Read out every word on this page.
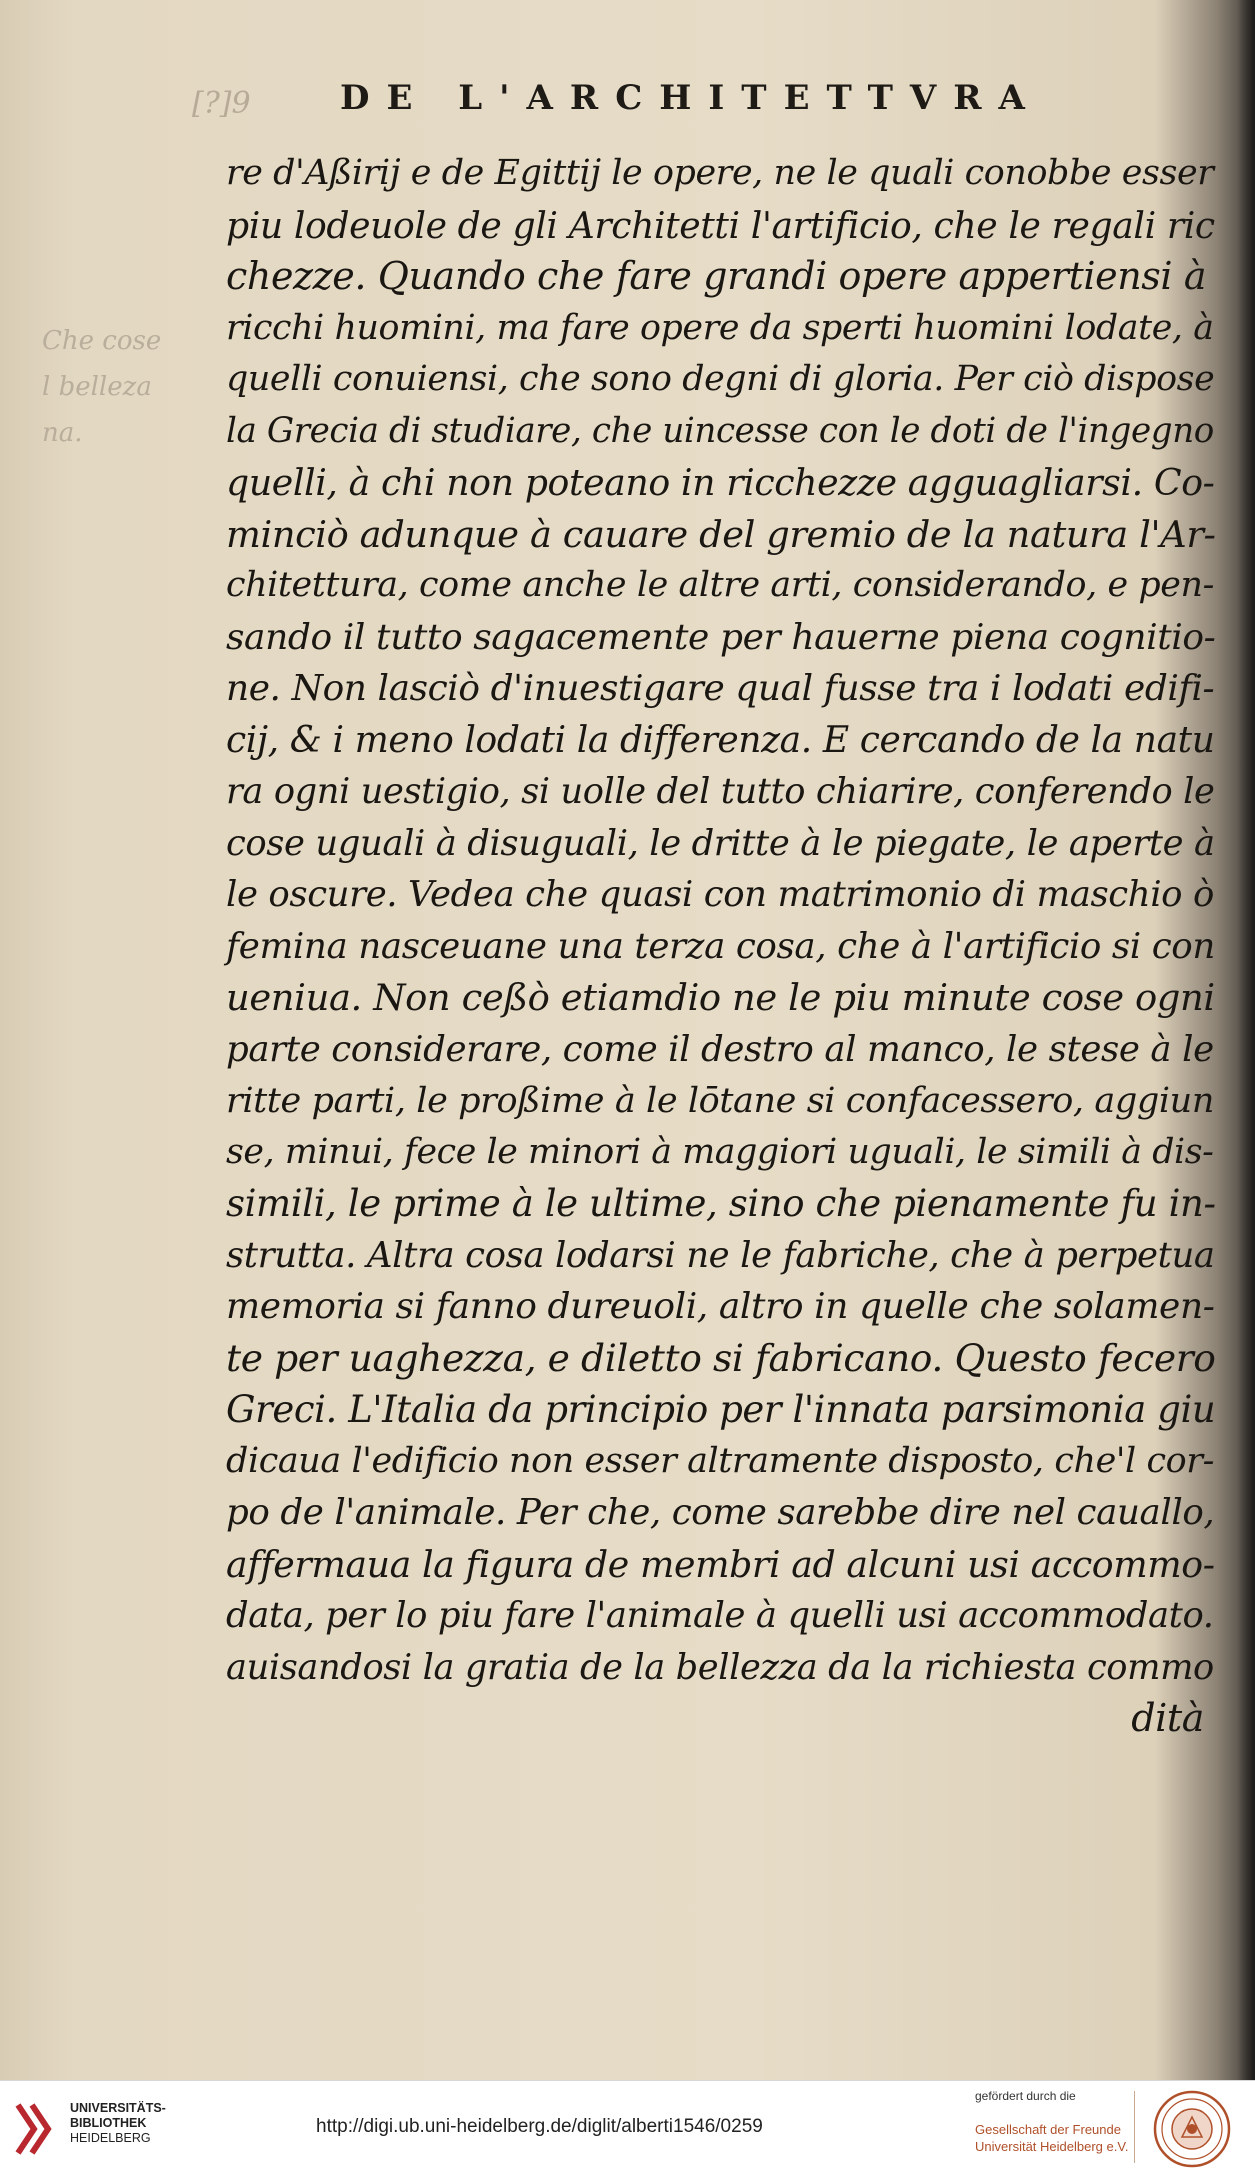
[?]9	DE L'ARCHITETTVRA
Che cose
l belleza
na.
re d'Aßirij e de Egittij le opere, ne le quali conobbe esser
piu lodeuole de gli Architetti l'artificio, che le regali ric
chezze. Quando che fare grandi opere appertiensi à
ricchi huomini, ma fare opere da sperti huomini lodate, à
quelli conuiensi, che sono degni di gloria. Per ciò dispose
la Grecia di studiare, che uincesse con le doti de l'ingegno
quelli, à chi non poteano in ricchezze agguagliarsi. Co-
minciò adunque à cauare del gremio de la natura l'Ar-
chitettura, come anche le altre arti, considerando, e pen-
sando il tutto sagacemente per hauerne piena cognitio-
ne. Non lasciò d'inuestigare qual fusse tra i lodati edifi-
cij, & i meno lodati la differenza. E cercando de la natu
ra ogni uestigio, si uolle del tutto chiarire, conferendo le
cose uguali à disuguali, le dritte à le piegate, le aperte à
le oscure. Vedea che quasi con matrimonio di maschio ò
femina nasceuane una terza cosa, che à l'artificio si con
ueniua. Non ceßò etiamdio ne le piu minute cose ogni
parte considerare, come il destro al manco, le stese à le
ritte parti, le proßime à le lōtane si confacessero, aggiun
se, minui, fece le minori à maggiori uguali, le simili à dis-
simili, le prime à le ultime, sino che pienamente fu in-
strutta. Altra cosa lodarsi ne le fabriche, che à perpetua
memoria si fanno dureuoli, altro in quelle che solamen-
te per uaghezza, e diletto si fabricano. Questo fecero
Greci. L'Italia da principio per l'innata parsimonia giu
dicaua l'edificio non esser altramente disposto, che'l cor-
po de l'animale. Per che, come sarebbe dire nel cauallo,
affermaua la figura de membri ad alcuni usi accommo-
data, per lo piu fare l'animale à quelli usi accommodato.
auisandosi la gratia de la bellezza da la richiesta commo
dità
UNIVERSITÄTS-
BIBLIOTHEK
HEIDELBERG
http://digi.ub.uni-heidelberg.de/diglit/alberti1546/0259
gefördert durch die
Gesellschaft der Freunde
Universität Heidelberg e.V.
